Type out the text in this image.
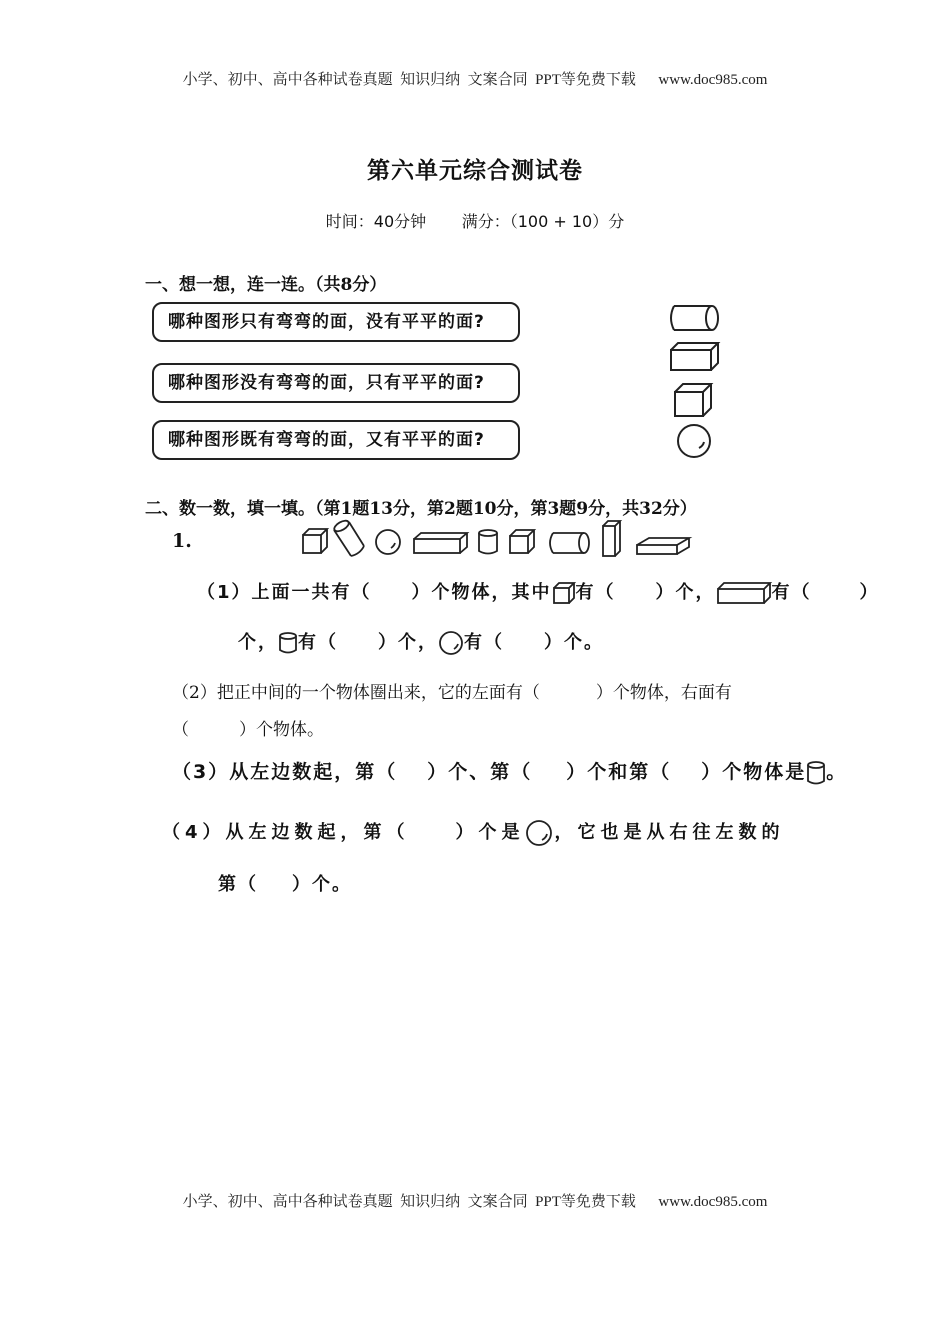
小学、初中、高中各种试卷真题  知识归纳  文案合同  PPT等免费下载      www.doc985.com
第六单元综合测试卷
时间：40分钟       满分：（100 + 10）分
一、想一想，连一连。（共8分）
哪种图形只有弯弯的面，没有平平的面?
哪种图形没有弯弯的面，只有平平的面?
哪种图形既有弯弯的面，又有平平的面?
二、数一数，填一填。（第1题13分，第2题10分，第3题9分，共32分）
1.
（1）上面一共有（ ）个物体，其中 有（ ）个，	有（	）
个， 有（ ）个， 有（ ）个。
（2）把正中间的一个物体圈出来，它的左面有（	）个物体，右面有
（	）个物体。
（3）从左边数起，第（ ）个、第（ ）个和第（ ）个物体是 。
（4）从左边数起，第（	）个是 ，它也是从右往左数的
第（ ）个。
小学、初中、高中各种试卷真题  知识归纳  文案合同  PPT等免费下载      www.doc985.com
